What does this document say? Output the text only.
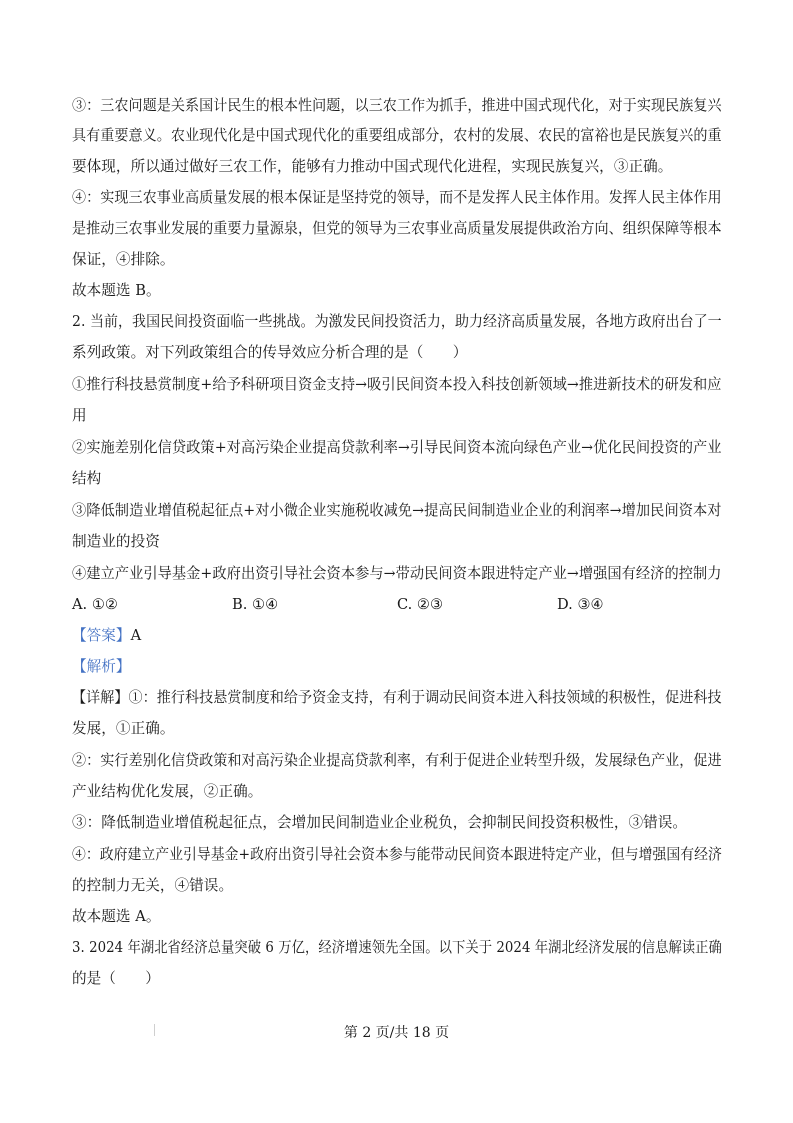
③：三农问题是关系国计民生的根本性问题，以三农工作为抓手，推进中国式现代化，对于实现民族复兴
具有重要意义。农业现代化是中国式现代化的重要组成部分，农村的发展、农民的富裕也是民族复兴的重
要体现，所以通过做好三农工作，能够有力推动中国式现代化进程，实现民族复兴，③正确。
④：实现三农事业高质量发展的根本保证是坚持党的领导，而不是发挥人民主体作用。发挥人民主体作用
是推动三农事业发展的重要力量源泉，但党的领导为三农事业高质量发展提供政治方向、组织保障等根本
保证，④排除。
故本题选 B。
2. 当前，我国民间投资面临一些挑战。为激发民间投资活力，助力经济高质量发展，各地方政府出台了一
系列政策。对下列政策组合的传导效应分析合理的是（　　）
①推行科技悬赏制度+给予科研项目资金支持→吸引民间资本投入科技创新领域→推进新技术的研发和应
用
②实施差别化信贷政策+对高污染企业提高贷款利率→引导民间资本流向绿色产业→优化民间投资的产业
结构
③降低制造业增值税起征点+对小微企业实施税收减免→提高民间制造业企业的利润率→增加民间资本对
制造业的投资
④建立产业引导基金+政府出资引导社会资本参与→带动民间资本跟进特定产业→增强国有经济的控制力
A. ①②	B. ①④	C. ②③	D. ③④
【答案】A
【解析】
【详解】①：推行科技悬赏制度和给予资金支持，有利于调动民间资本进入科技领域的积极性，促进科技
发展，①正确。
②：实行差别化信贷政策和对高污染企业提高贷款利率，有利于促进企业转型升级，发展绿色产业，促进
产业结构优化发展，②正确。
③：降低制造业增值税起征点，会增加民间制造业企业税负，会抑制民间投资积极性，③错误。
④：政府建立产业引导基金+政府出资引导社会资本参与能带动民间资本跟进特定产业，但与增强国有经济
的控制力无关，④错误。
故本题选 A。
3. 2024 年湖北省经济总量突破 6 万亿，经济增速领先全国。以下关于 2024 年湖北经济发展的信息解读正确
的是（　　）
第 2 页/共 18 页
